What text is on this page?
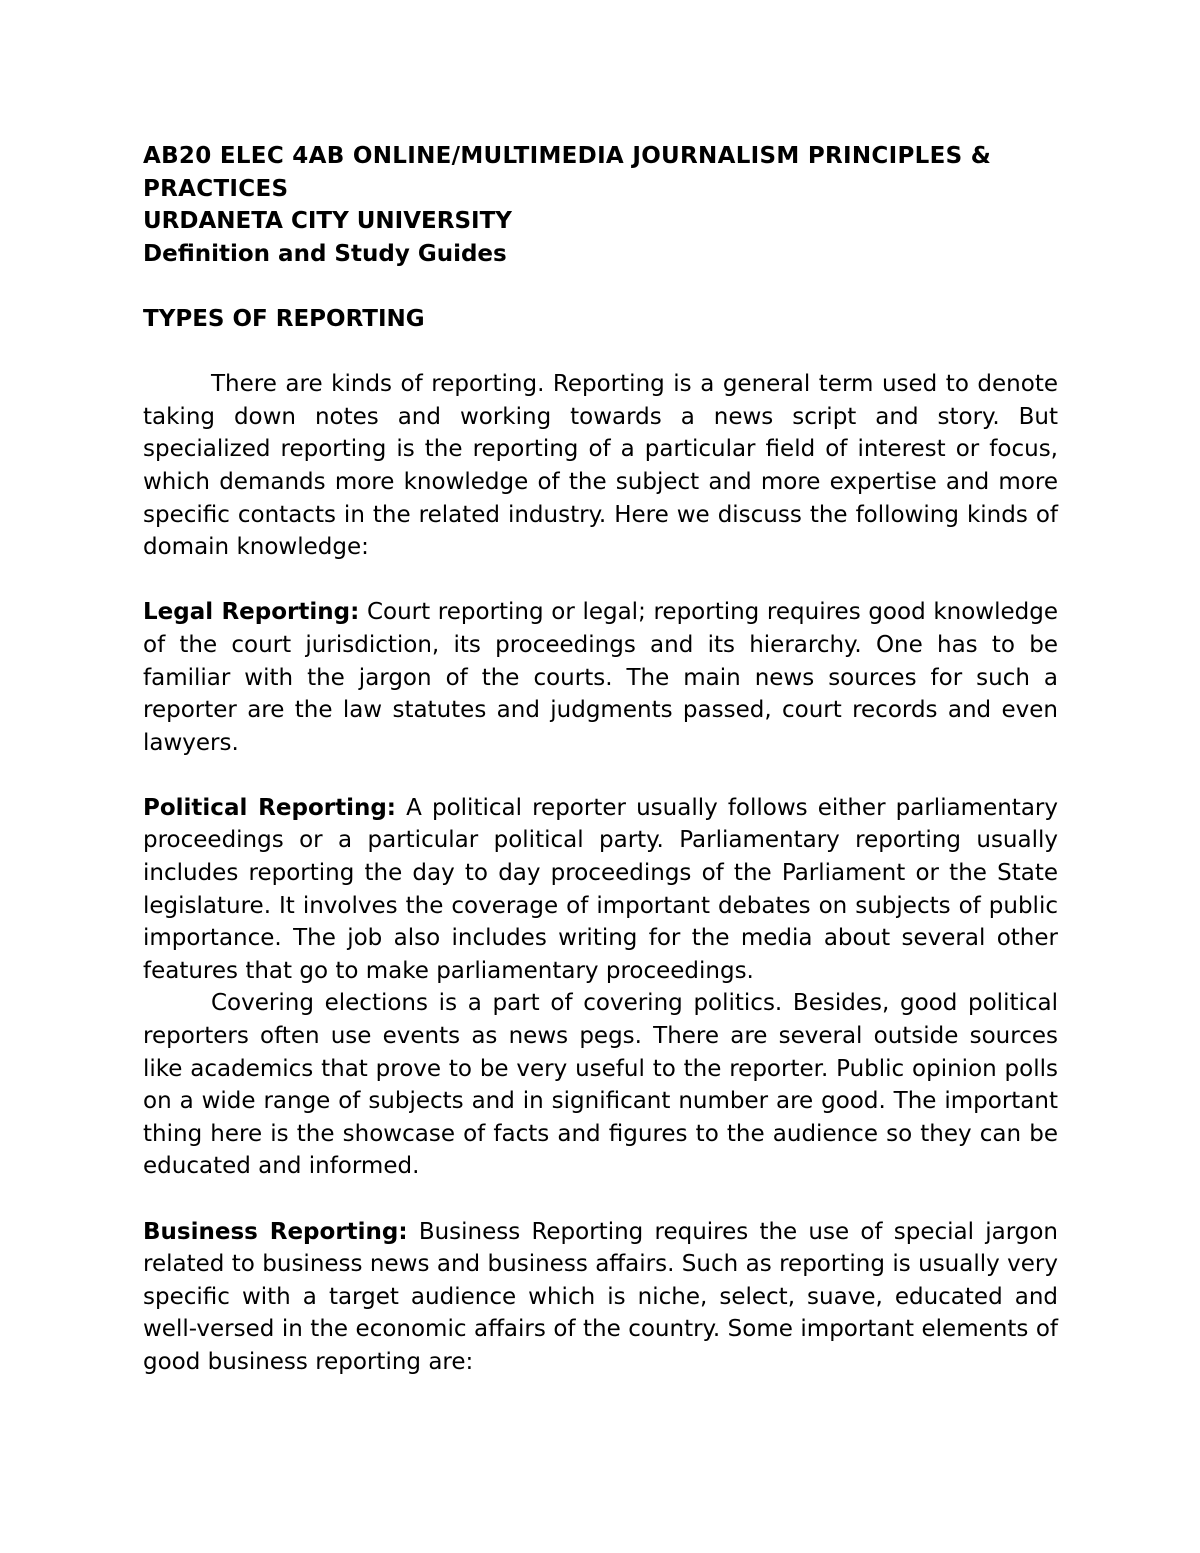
AB20 ELEC 4AB ONLINE/MULTIMEDIA JOURNALISM PRINCIPLES & PRACTICES
URDANETA CITY UNIVERSITY
Definition and Study Guides
TYPES OF REPORTING

There are kinds of reporting. Reporting is a general term used to denote taking down notes and working towards a news script and story. But specialized reporting is the reporting of a particular field of interest or focus, which demands more knowledge of the subject and more expertise and more specific contacts in the related industry. Here we discuss the following kinds of domain knowledge:

Legal Reporting: Court reporting or legal; reporting requires good knowledge of the court jurisdiction, its proceedings and its hierarchy. One has to be familiar with the jargon of the courts. The main news sources for such a reporter are the law statutes and judgments passed, court records and even lawyers.

Political Reporting: A political reporter usually follows either parliamentary proceedings or a particular political party. Parliamentary reporting usually includes reporting the day to day proceedings of the Parliament or the State legislature. It involves the coverage of important debates on subjects of public importance. The job also includes writing for the media about several other features that go to make parliamentary proceedings.

Covering elections is a part of covering politics. Besides, good political reporters often use events as news pegs. There are several outside sources like academics that prove to be very useful to the reporter. Public opinion polls on a wide range of subjects and in significant number are good. The important thing here is the showcase of facts and figures to the audience so they can be educated and informed.

Business Reporting: Business Reporting requires the use of special jargon related to business news and business affairs. Such as reporting is usually very specific with a target audience which is niche, select, suave, educated and well-versed in the economic affairs of the country. Some important elements of good business reporting are:
